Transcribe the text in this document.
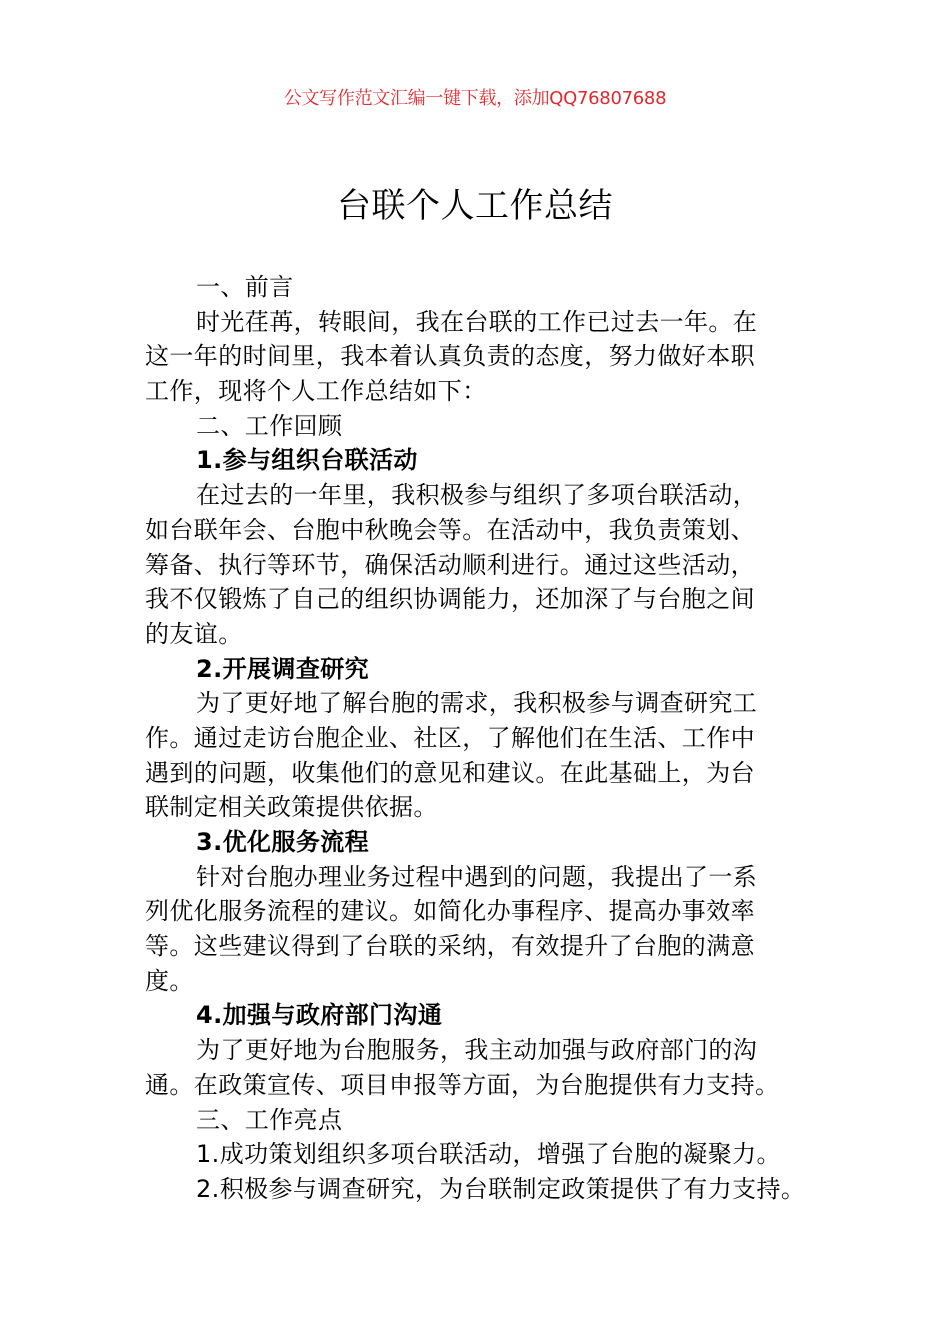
公文写作范文汇编一键下载，添加QQ76807688
台联个人工作总结
一、前言
时光荏苒，转眼间，我在台联的工作已过去一年。在
这一年的时间里，我本着认真负责的态度，努力做好本职
工作，现将个人工作总结如下：
二、工作回顾
1.参与组织台联活动
在过去的一年里，我积极参与组织了多项台联活动，
如台联年会、台胞中秋晚会等。在活动中，我负责策划、
筹备、执行等环节，确保活动顺利进行。通过这些活动，
我不仅锻炼了自己的组织协调能力，还加深了与台胞之间
的友谊。
2.开展调查研究
为了更好地了解台胞的需求，我积极参与调查研究工
作。通过走访台胞企业、社区，了解他们在生活、工作中
遇到的问题，收集他们的意见和建议。在此基础上，为台
联制定相关政策提供依据。
3.优化服务流程
针对台胞办理业务过程中遇到的问题，我提出了一系
列优化服务流程的建议。如简化办事程序、提高办事效率
等。这些建议得到了台联的采纳，有效提升了台胞的满意
度。
4.加强与政府部门沟通
为了更好地为台胞服务，我主动加强与政府部门的沟
通。在政策宣传、项目申报等方面，为台胞提供有力支持。
三、工作亮点
1.成功策划组织多项台联活动，增强了台胞的凝聚力。
2.积极参与调查研究，为台联制定政策提供了有力支持。
